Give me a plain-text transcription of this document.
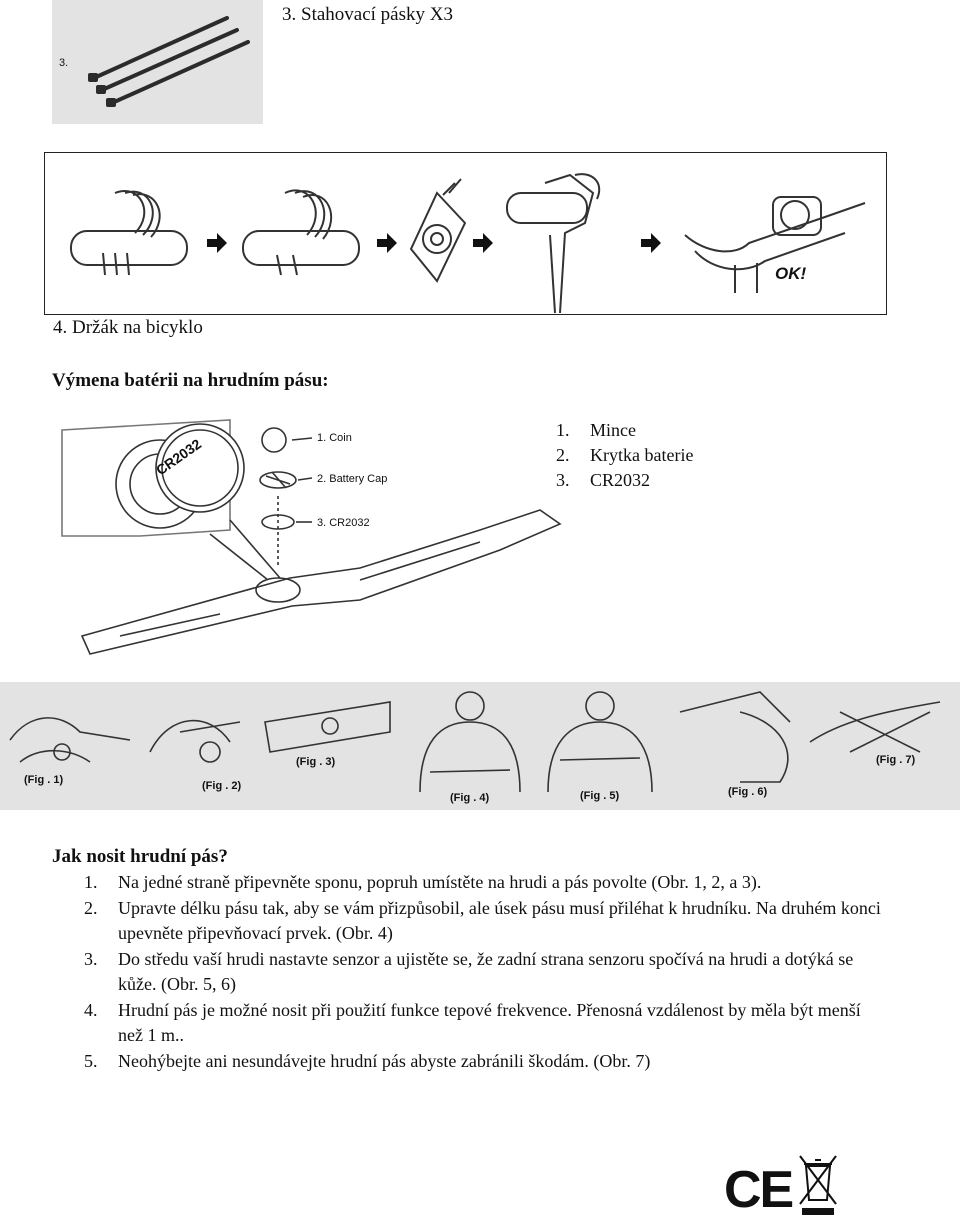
3.
3. Stahovací pásky X3
OK!
4. Držák na bicyklo
Výmena batérii na hrudním pásu:
CR2032	1. Coin
2. Battery Cap
3. CR2032
1. Mince
2. Krytka baterie
3. CR2032
(Fig . 1)	(Fig . 2)
(Fig . 3)
(Fig . 4)	(Fig . 5)	(Fig . 6)
(Fig . 7)
Jak nosit hrudní pás?
1. Na jedné straně připevněte sponu, popruh umístěte na hrudi a pás povolte (Obr. 1, 2, a 3).
2. Upravte délku pásu tak, aby se vám přizpůsobil, ale úsek pásu musí přiléhat k hrudníku. Na druhém konci upevněte připevňovací prvek. (Obr. 4)
3. Do středu vaší hrudi nastavte senzor a ujistěte se, že zadní strana senzoru spočívá na hrudi a dotýká se kůže. (Obr. 5, 6)
4. Hrudní pás je možné nosit při použití funkce tepové frekvence. Přenosná vzdálenost by měla být menší než 1 m..
5. Neohýbejte ani nesundávejte hrudní pás abyste zabránili škodám. (Obr. 7)
CE
